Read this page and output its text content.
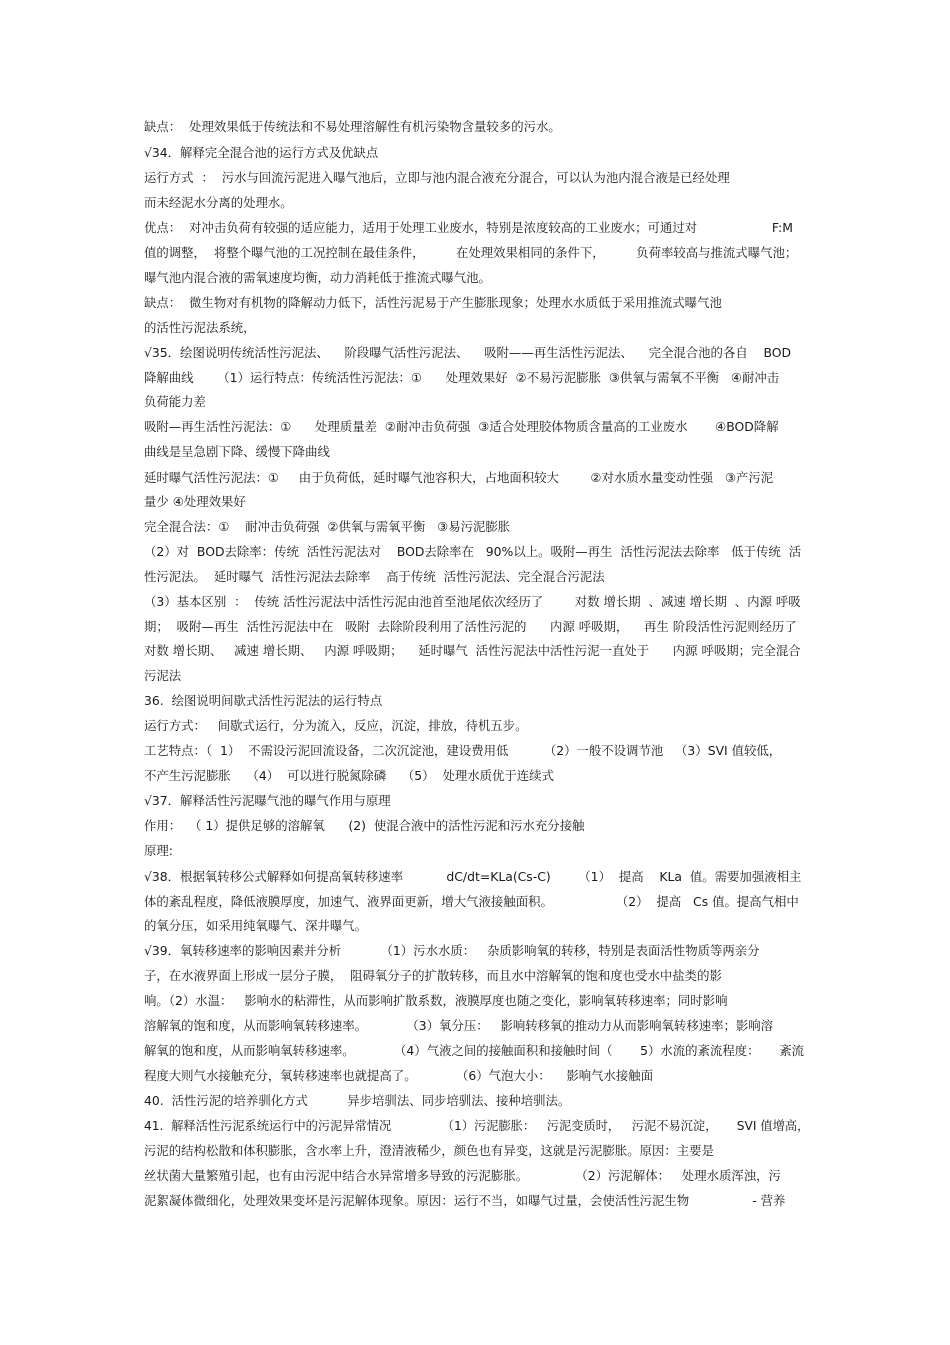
缺点：  处理效果低于传统法和不易处理溶解性有机污染物含量较多的污水。
√34．解释完全混合池的运行方式及优缺点
运行方式  ：  污水与回流污泥进入曝气池后，立即与池内混合液充分混合，可以认为池内混合液是已经处理
而未经泥水分离的处理水。
优点：  对冲击负荷有较强的适应能力，适用于处理工业废水，特别是浓度较高的工业废水；可通过对                   F:M
值的调整，  将整个曝气池的工况控制在最佳条件，        在处理效果相同的条件下，        负荷率较高与推流式曝气池；
曝气池内混合液的需氧速度均衡，动力消耗低于推流式曝气池。
缺点：  微生物对有机物的降解动力低下，活性污泥易于产生膨胀现象；处理水水质低于采用推流式曝气池
的活性污泥法系统，
√35．绘图说明传统活性污泥法、    阶段曝气活性污泥法、    吸附——再生活性污泥法、    完全混合池的各自    BOD
降解曲线      （1）运行特点：传统活性污泥法：①      处理效果好  ②不易污泥膨胀  ③供氧与需氧不平衡   ④耐冲击
负荷能力差
吸附—再生活性污泥法：①      处理质量差  ②耐冲击负荷强  ③适合处理胶体物质含量高的工业废水       ④BOD降解
曲线是呈急剧下降、缓慢下降曲线
延时曝气活性污泥法：①     由于负荷低，延时曝气池容积大，占地面积较大        ②对水质水量变动性强   ③产污泥
量少 ④处理效果好
完全混合法：①    耐冲击负荷强  ②供氧与需氧平衡   ③易污泥膨胀
（2）对  BOD去除率：传统  活性污泥法对    BOD去除率在   90%以上。吸附—再生  活性污泥法去除率   低于传统  活
性污泥法。  延时曝气  活性污泥法去除率    高于传统  活性污泥法、完全混合污泥法
（3）基本区别  ：  传统 活性污泥法中活性污泥由池首至池尾依次经历了        对数 增长期  、减速 增长期  、内源 呼吸
期；  吸附—再生  活性污泥法中在   吸附  去除阶段利用了活性污泥的      内源 呼吸期，    再生 阶段活性污泥则经历了
对数 增长期、   减速 增长期、   内源 呼吸期；    延时曝气  活性污泥法中活性污泥一直处于      内源 呼吸期；完全混合
污泥法
36.  绘图说明间歇式活性污泥法的运行特点
运行方式：   间歇式运行，分为流入，反应，沉淀，排放，待机五步。
工艺特点：（  1）  不需设污泥回流设备，二次沉淀池，建设费用低         （2）一般不设调节池   （3）SVI 值较低，
不产生污泥膨胀    （4）  可以进行脱氮除磷    （5）  处理水质优于连续式
√37．解释活性污泥曝气池的曝气作用与原理
作用：  （ 1）提供足够的溶解氧      (2)  使混合液中的活性污泥和污水充分接触
原理:
√38．根据氧转移公式解释如何提高氧转移速率           dC/dt=KLa(Cs-C)       （1）  提高    KLa  值。需要加强液相主
体的紊乱程度，降低液膜厚度，加速气、液界面更新，增大气液接触面积。                （2）  提高   Cs 值。提高气相中
的氧分压，如采用纯氧曝气、深井曝气。
√39．氧转移速率的影响因素并分析          （1）污水水质：   杂质影响氧的转移，特别是表面活性物质等两亲分
子，在水液界面上形成一层分子膜，  阻碍氧分子的扩散转移，而且水中溶解氧的饱和度也受水中盐类的影
响。（2）水温：   影响水的粘滞性，从而影响扩散系数，液膜厚度也随之变化，影响氧转移速率；同时影响
溶解氧的饱和度，从而影响氧转移速率。          （3）氧分压：   影响转移氧的推动力从而影响氧转移速率；影响溶
解氧的饱和度，从而影响氧转移速率。          （4）气液之间的接触面积和接触时间（       5）水流的紊流程度：     紊流
程度大则气水接触充分，氧转移速率也就提高了。          （6）气泡大小：    影响气水接触面
40.  活性污泥的培养驯化方式          异步培驯法、同步培驯法、接种培驯法。
41.  解释活性污泥系统运行中的污泥异常情况             （1）污泥膨胀：   污泥变质时，   污泥不易沉淀，     SVI 值增高，
污泥的结构松散和体积膨胀，含水率上升，澄清液稀少，颜色也有异变，这就是污泥膨胀。原因：主要是
丝状菌大量繁殖引起，也有由污泥中结合水异常增多导致的污泥膨胀。            （2）污泥解体：   处理水质浑浊，污
泥絮凝体微细化，处理效果变坏是污泥解体现象。原因：运行不当，如曝气过量，会使活性污泥生物                - 营养
